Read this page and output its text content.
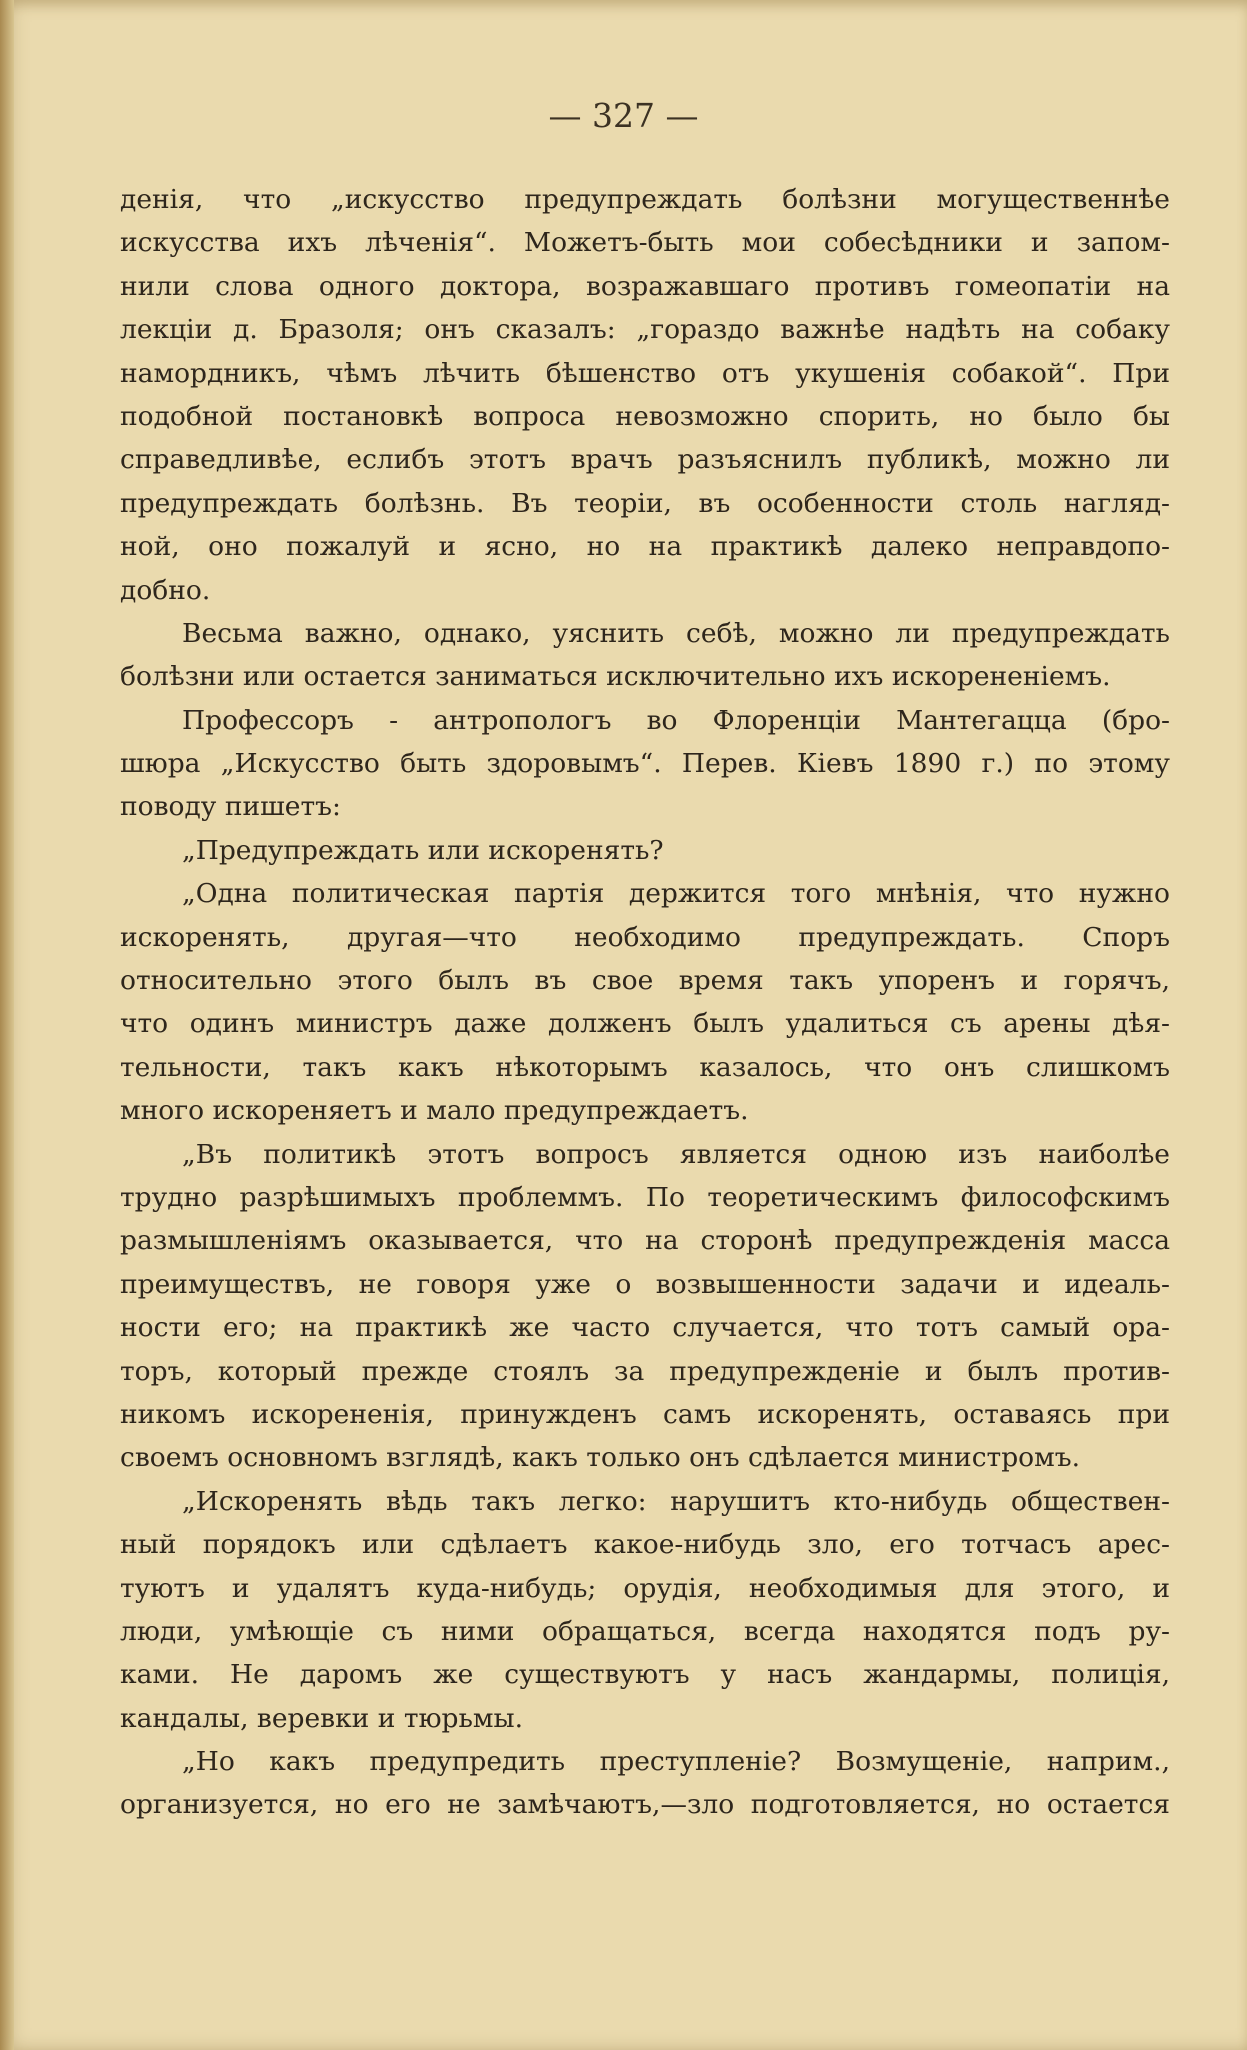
— 327 —
денія, что „искусство предупреждать болѣзни могущественнѣе
искусства ихъ лѣченія“. Можетъ-быть мои собесѣдники и запом-
нили слова одного доктора, возражавшаго противъ гомеопатіи на
лекціи д. Бразоля; онъ сказалъ: „гораздо важнѣе надѣть на собаку
намордникъ, чѣмъ лѣчить бѣшенство отъ укушенія собакой“. При
подобной постановкѣ вопроса невозможно спорить, но было бы
справедливѣе, еслибъ этотъ врачъ разъяснилъ публикѣ, можно ли
предупреждать болѣзнь. Въ теоріи, въ особенности столь нагляд-
ной, оно пожалуй и ясно, но на практикѣ далеко неправдопо-
добно.
Весьма важно, однако, уяснить себѣ, можно ли предупреждать
болѣзни или остается заниматься исключительно ихъ искорененіемъ.
Профессоръ - антропологъ во Флоренціи Мантегацца (бро-
шюра „Искусство быть здоровымъ“. Перев. Кіевъ 1890 г.) по этому
поводу пишетъ:
„Предупреждать или искоренять?
„Одна политическая партія держится того мнѣнія, что нужно
искоренять, другая—что необходимо предупреждать. Споръ
относительно этого былъ въ свое время такъ упоренъ и горячъ,
что одинъ министръ даже долженъ былъ удалиться съ арены дѣя-
тельности, такъ какъ нѣкоторымъ казалось, что онъ слишкомъ
много искореняетъ и мало предупреждаетъ.
„Въ политикѣ этотъ вопросъ является одною изъ наиболѣе
трудно разрѣшимыхъ проблеммъ. По теоретическимъ философскимъ
размышленіямъ оказывается, что на сторонѣ предупрежденія масса
преимуществъ, не говоря уже о возвышенности задачи и идеаль-
ности его; на практикѣ же часто случается, что тотъ самый ора-
торъ, который прежде стоялъ за предупрежденіе и былъ против-
никомъ искорененія, принужденъ самъ искоренять, оставаясь при
своемъ основномъ взглядѣ, какъ только онъ сдѣлается министромъ.
„Искоренять вѣдь такъ легко: нарушитъ кто-нибудь обществен-
ный порядокъ или сдѣлаетъ какое-нибудь зло, его тотчасъ арес-
туютъ и удалятъ куда-нибудь; орудія, необходимыя для этого, и
люди, умѣющіе съ ними обращаться, всегда находятся подъ ру-
ками. Не даромъ же существуютъ у насъ жандармы, полиція,
кандалы, веревки и тюрьмы.
„Но какъ предупредить преступленіе? Возмущеніе, наприм.,
организуется, но его не замѣчаютъ,—зло подготовляется, но остается
